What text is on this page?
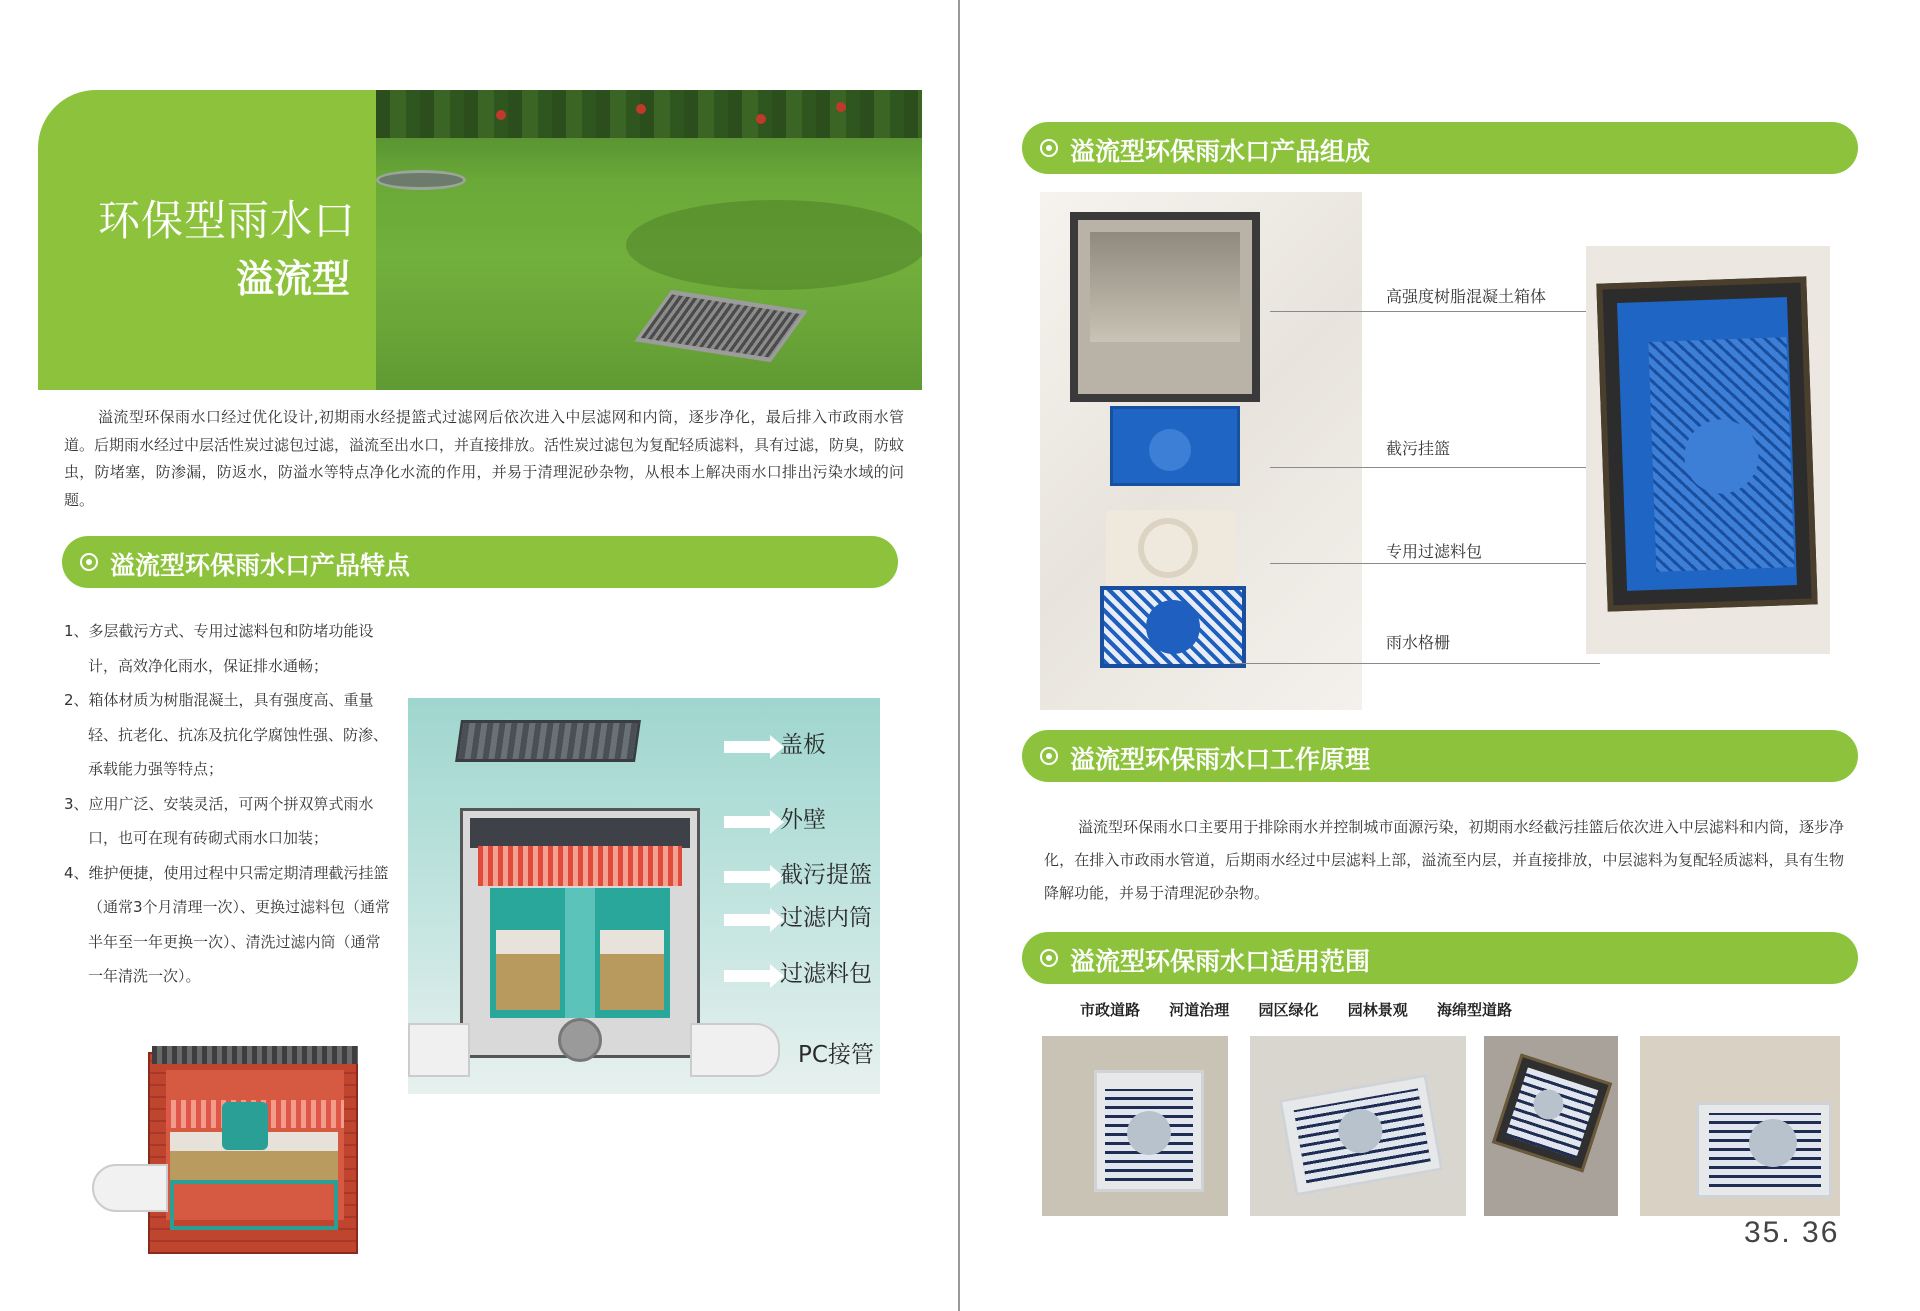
环保型雨水口
溢流型
溢流型环保雨水口经过优化设计,初期雨水经提篮式过滤网后依次进入中层滤网和内筒，逐步净化，最后排入市政雨水管道。后期雨水经过中层活性炭过滤包过滤，溢流至出水口，并直接排放。活性炭过滤包为复配轻质滤料，具有过滤，防臭，防蚊虫，防堵塞，防渗漏，防返水，防溢水等特点净化水流的作用，并易于清理泥砂杂物，从根本上解决雨水口排出污染水域的问题。
溢流型环保雨水口产品特点
1、多层截污方式、专用过滤料包和防堵功能设计，高效净化雨水，保证排水通畅；
2、箱体材质为树脂混凝土，具有强度高、重量轻、抗老化、抗冻及抗化学腐蚀性强、防渗、承载能力强等特点；
3、应用广泛、安装灵活，可两个拼双箅式雨水口，也可在现有砖砌式雨水口加装；
4、维护便捷，使用过程中只需定期清理截污挂篮（通常3个月清理一次）、更换过滤料包（通常半年至一年更换一次）、清洗过滤内筒（通常一年清洗一次）。
盖板
外壁
截污提篮
过滤内筒
过滤料包
PC接管
溢流型环保雨水口产品组成
高强度树脂混凝土箱体
截污挂篮
专用过滤料包
雨水格栅
溢流型环保雨水口工作原理
溢流型环保雨水口主要用于排除雨水并控制城市面源污染，初期雨水经截污挂篮后依次进入中层滤料和内筒，逐步净化，在排入市政雨水管道，后期雨水经过中层滤料上部，溢流至内层，并直接排放，中层滤料为复配轻质滤料，具有生物降解功能，并易于清理泥砂杂物。
溢流型环保雨水口适用范围
市政道路 河道治理 园区绿化 园林景观 海绵型道路
35. 36
